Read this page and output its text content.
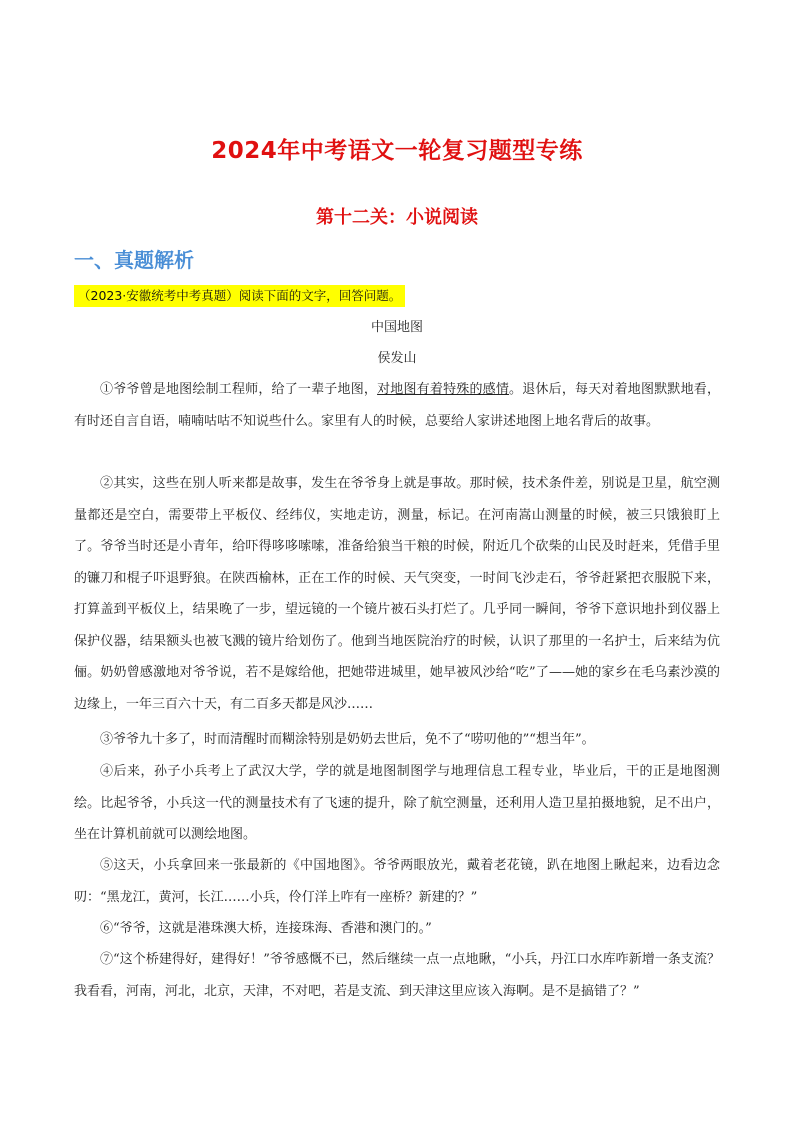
2024年中考语文一轮复习题型专练
第十二关：小说阅读
一、真题解析
（2023·安徽统考中考真题）阅读下面的文字，回答问题。
中国地图
侯发山
①爷爷曾是地图绘制工程师，给了一辈子地图，对地图有着特殊的感情。退休后，每天对着地图默默地看，有时还自言自语，喃喃咕咕不知说些什么。家里有人的时候，总要给人家讲述地图上地名背后的故事。
②其实，这些在别人听来都是故事，发生在爷爷身上就是事故。那时候，技术条件差，别说是卫星，航空测量都还是空白，需要带上平板仪、经纬仪，实地走访，测量，标记。在河南嵩山测量的时候，被三只饿狼盯上了。爷爷当时还是小青年，给吓得哆哆嗦嗦，准备给狼当干粮的时候，附近几个砍柴的山民及时赶来，凭借手里的镰刀和棍子吓退野狼。在陕西榆林，正在工作的时候、天气突变，一时间飞沙走石，爷爷赶紧把衣服脱下来，打算盖到平板仪上，结果晚了一步，望远镜的一个镜片被石头打烂了。几乎同一瞬间，爷爷下意识地扑到仪器上保护仪器，结果额头也被飞溅的镜片给划伤了。他到当地医院治疗的时候，认识了那里的一名护士，后来结为伉俪。奶奶曾感激地对爷爷说，若不是嫁给他，把她带进城里，她早被风沙给“吃”了——她的家乡在毛乌素沙漠的边缘上，一年三百六十天，有二百多天都是风沙……
③爷爷九十多了，时而清醒时而糊涂特别是奶奶去世后，免不了“唠叨他的”“想当年”。
④后来，孙子小兵考上了武汉大学，学的就是地图制图学与地理信息工程专业，毕业后，干的正是地图测绘。比起爷爷，小兵这一代的测量技术有了飞速的提升，除了航空测量，还利用人造卫星拍摄地貌，足不出户，坐在计算机前就可以测绘地图。
⑤这天，小兵拿回来一张最新的《中国地图》。爷爷两眼放光，戴着老花镜，趴在地图上瞅起来，边看边念叨：“黑龙江，黄河，长江……小兵，伶仃洋上咋有一座桥？新建的？”
⑥“爷爷，这就是港珠澳大桥，连接珠海、香港和澳门的。”
⑦“这个桥建得好，建得好！”爷爷感慨不已，然后继续一点一点地瞅，“小兵，丹江口水库咋新增一条支流？我看看，河南，河北，北京，天津，不对吧，若是支流、到天津这里应该入海啊。是不是搞错了？”
